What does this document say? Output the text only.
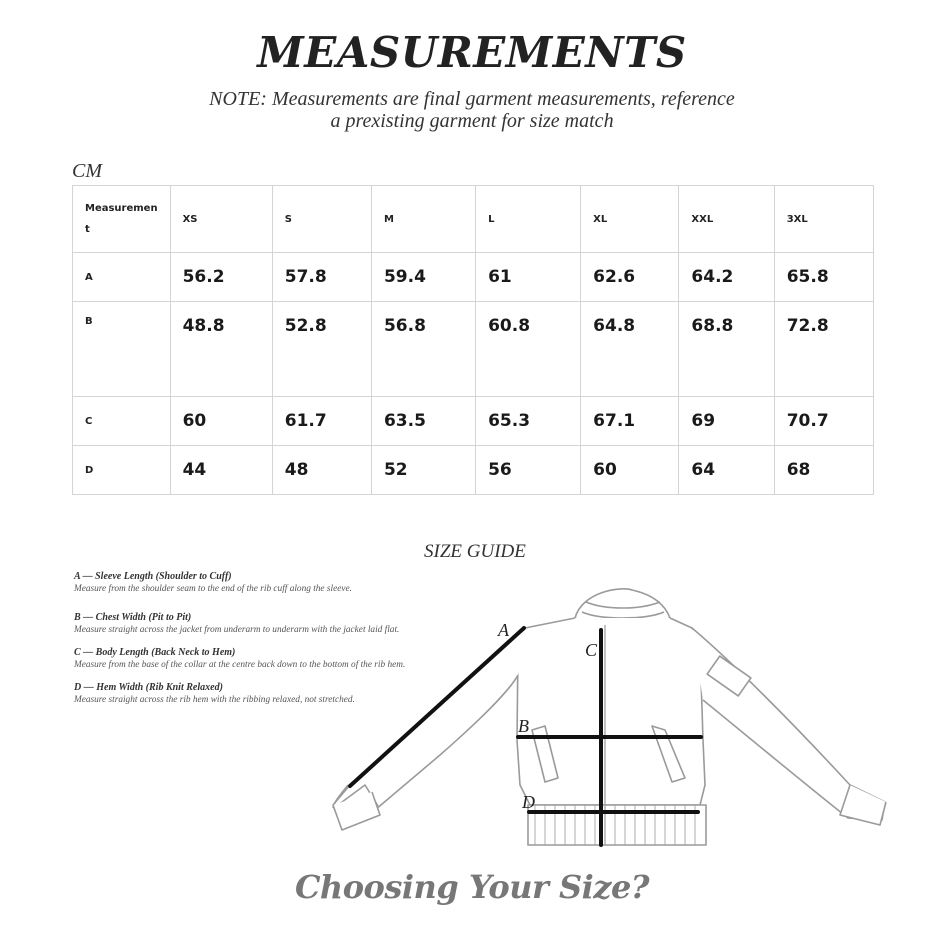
MEASUREMENTS
NOTE: Measurements are final garment measurements, reference
a prexisting garment for size match
CM
Measuremen
t	XS	S	M	L	XL	XXL	3XL
A	56.2	57.8	59.4	61	62.6	64.2	65.8
B	48.8	52.8	56.8	60.8	64.8	68.8	72.8
C	60	61.7	63.5	65.3	67.1	69	70.7
D	44	48	52	56	60	64	68
SIZE GUIDE
A — Sleeve Length (Shoulder to Cuff)
Measure from the shoulder seam to the end of the rib cuff along the sleeve.
B — Chest Width (Pit to Pit)
Measure straight across the jacket from underarm to underarm with the jacket laid flat.
C — Body Length (Back Neck to Hem)
Measure from the base of the collar at the centre back down to the bottom of the rib hem.
D — Hem Width (Rib Knit Relaxed)
Measure straight across the rib hem with the ribbing relaxed, not stretched.
A
B
C
D
Choosing Your Size?
